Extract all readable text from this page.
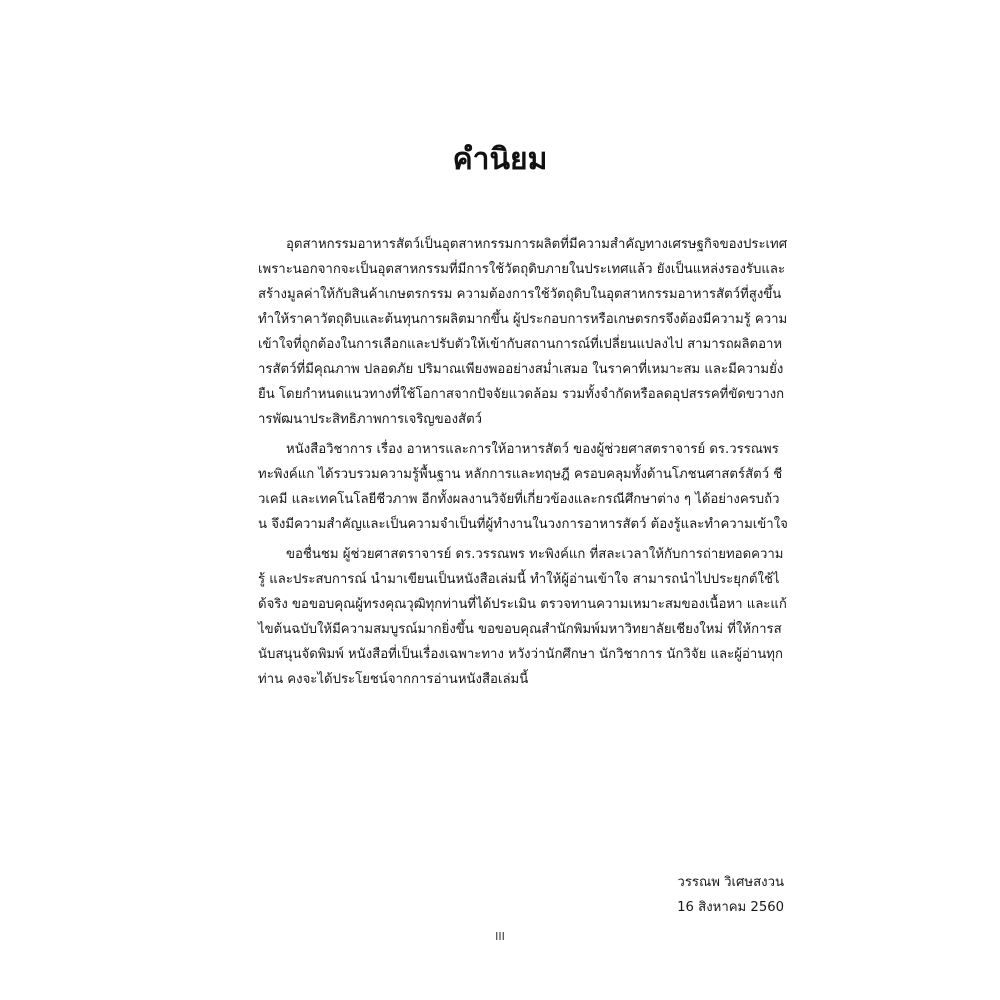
คำนิยม

อุตสาหกรรมอาหารสัตว์เป็นอุตสาหกรรมการผลิตที่มีความสำคัญทางเศรษฐกิจของประเทศ เพราะนอกจากจะเป็นอุตสาหกรรมที่มีการใช้วัตถุดิบภายในประเทศแล้ว ยังเป็นแหล่งรองรับและสร้างมูลค่าให้กับสินค้าเกษตรกรรม ความต้องการใช้วัตถุดิบในอุตสาหกรรมอาหารสัตว์ที่สูงขึ้น ทำให้ราคาวัตถุดิบและต้นทุนการผลิตมากขึ้น ผู้ประกอบการหรือเกษตรกรจึงต้องมีความรู้ ความเข้าใจที่ถูกต้องในการเลือกและปรับตัวให้เข้ากับสถานการณ์ที่เปลี่ยนแปลงไป สามารถผลิตอาหารสัตว์ที่มีคุณภาพ ปลอดภัย ปริมาณเพียงพออย่างสม่ำเสมอ ในราคาที่เหมาะสม และมีความยั่งยืน โดยกำหนดแนวทางที่ใช้โอกาสจากปัจจัยแวดล้อม รวมทั้งจำกัดหรือลดอุปสรรคที่ขัดขวางการพัฒนาประสิทธิภาพการเจริญของสัตว์

หนังสือวิชาการ เรื่อง อาหารและการให้อาหารสัตว์ ของผู้ช่วยศาสตราจารย์ ดร.วรรณพร ทะพิงค์แก ได้รวบรวมความรู้พื้นฐาน หลักการและทฤษฎี ครอบคลุมทั้งด้านโภชนศาสตร์สัตว์ ชีวเคมี และเทคโนโลยีชีวภาพ อีกทั้งผลงานวิจัยที่เกี่ยวข้องและกรณีศึกษาต่าง ๆ ได้อย่างครบถ้วน จึงมีความสำคัญและเป็นความจำเป็นที่ผู้ทำงานในวงการอาหารสัตว์ ต้องรู้และทำความเข้าใจ

ขอชื่นชม ผู้ช่วยศาสตราจารย์ ดร.วรรณพร ทะพิงค์แก ที่สละเวลาให้กับการถ่ายทอดความรู้ และประสบการณ์ นำมาเขียนเป็นหนังสือเล่มนี้ ทำให้ผู้อ่านเข้าใจ สามารถนำไปประยุกต์ใช้ได้จริง ขอขอบคุณผู้ทรงคุณวุฒิทุกท่านที่ได้ประเมิน ตรวจทานความเหมาะสมของเนื้อหา และแก้ไขต้นฉบับให้มีความสมบูรณ์มากยิ่งขึ้น ขอขอบคุณสำนักพิมพ์มหาวิทยาลัยเชียงใหม่ ที่ให้การสนับสนุนจัดพิมพ์ หนังสือที่เป็นเรื่องเฉพาะทาง หวังว่านักศึกษา นักวิชาการ นักวิจัย และผู้อ่านทุกท่าน คงจะได้ประโยชน์จากการอ่านหนังสือเล่มนี้

วรรณพ วิเศษสงวน
16 สิงหาคม 2560
III
